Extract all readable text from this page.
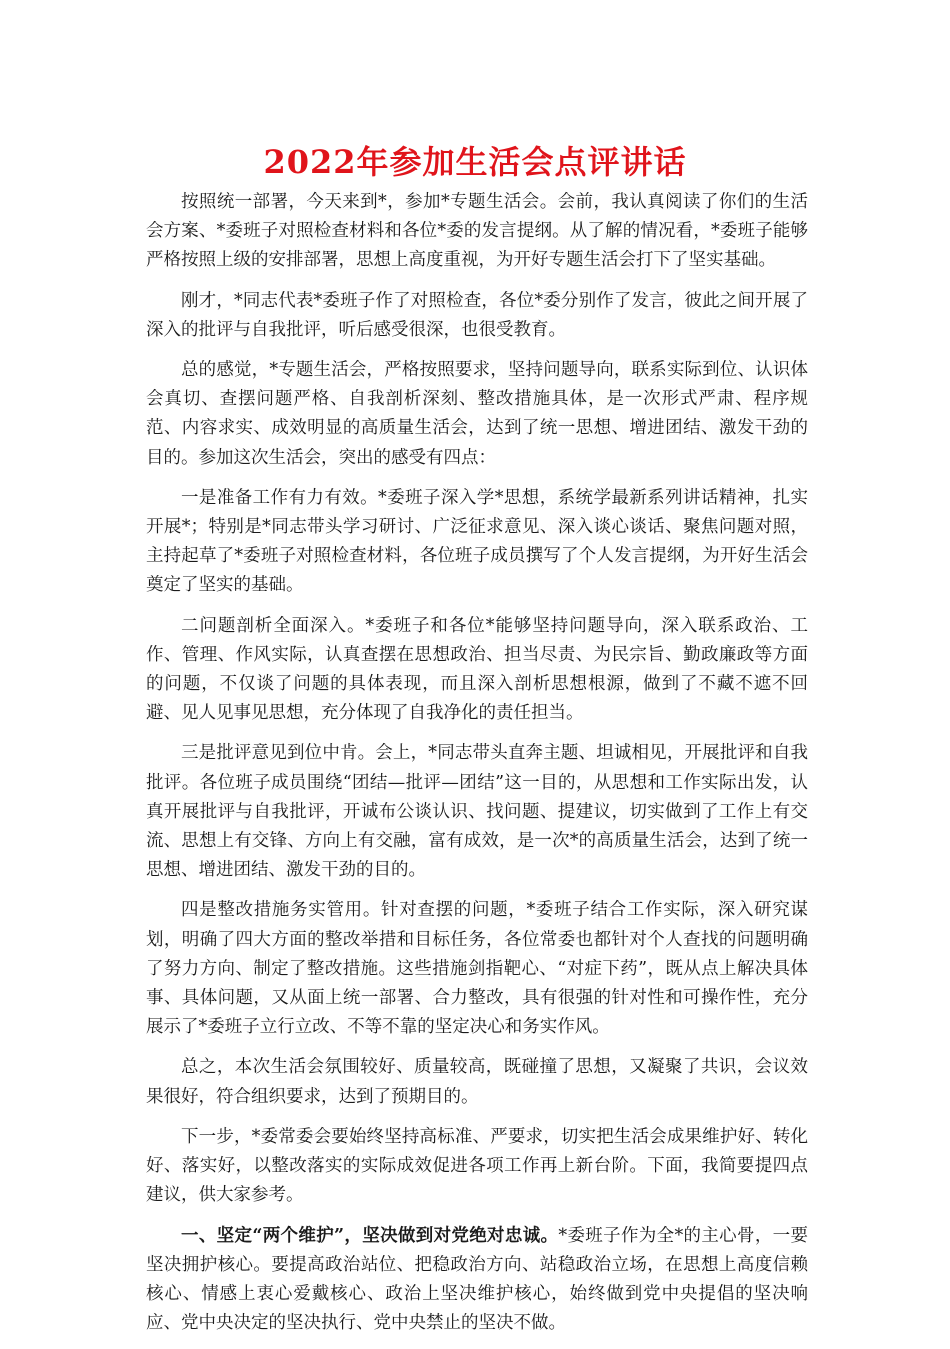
2022年参加生活会点评讲话

按照统一部署，今天来到*，参加*专题生活会。会前，我认真阅读了你们的生活会方案、*委班子对照检查材料和各位*委的发言提纲。从了解的情况看，*委班子能够严格按照上级的安排部署，思想上高度重视，为开好专题生活会打下了坚实基础。

刚才，*同志代表*委班子作了对照检查，各位*委分别作了发言，彼此之间开展了深入的批评与自我批评，听后感受很深，也很受教育。

总的感觉，*专题生活会，严格按照要求，坚持问题导向，联系实际到位、认识体会真切、查摆问题严格、自我剖析深刻、整改措施具体，是一次形式严肃、程序规范、内容求实、成效明显的高质量生活会，达到了统一思想、增进团结、激发干劲的目的。参加这次生活会，突出的感受有四点：

一是准备工作有力有效。*委班子深入学*思想，系统学最新系列讲话精神，扎实开展*；特别是*同志带头学习研讨、广泛征求意见、深入谈心谈话、聚焦问题对照，主持起草了*委班子对照检查材料，各位班子成员撰写了个人发言提纲，为开好生活会奠定了坚实的基础。

二问题剖析全面深入。*委班子和各位*能够坚持问题导向，深入联系政治、工作、管理、作风实际，认真查摆在思想政治、担当尽责、为民宗旨、勤政廉政等方面的问题，不仅谈了问题的具体表现，而且深入剖析思想根源，做到了不藏不遮不回避、见人见事见思想，充分体现了自我净化的责任担当。

三是批评意见到位中肯。会上，*同志带头直奔主题、坦诚相见，开展批评和自我批评。各位班子成员围绕“团结—批评—团结”这一目的，从思想和工作实际出发，认真开展批评与自我批评，开诚布公谈认识、找问题、提建议，切实做到了工作上有交流、思想上有交锋、方向上有交融，富有成效，是一次*的高质量生活会，达到了统一思想、增进团结、激发干劲的目的。

四是整改措施务实管用。针对查摆的问题，*委班子结合工作实际，深入研究谋划，明确了四大方面的整改举措和目标任务，各位常委也都针对个人查找的问题明确了努力方向、制定了整改措施。这些措施剑指靶心、“对症下药”，既从点上解决具体事、具体问题，又从面上统一部署、合力整改，具有很强的针对性和可操作性，充分展示了*委班子立行立改、不等不靠的坚定决心和务实作风。

总之，本次生活会氛围较好、质量较高，既碰撞了思想，又凝聚了共识，会议效果很好，符合组织要求，达到了预期目的。

下一步，*委常委会要始终坚持高标准、严要求，切实把生活会成果维护好、转化好、落实好，以整改落实的实际成效促进各项工作再上新台阶。下面，我简要提四点建议，供大家参考。

一、坚定“两个维护”，坚决做到对党绝对忠诚。*委班子作为全*的主心骨，一要坚决拥护核心。要提高政治站位、把稳政治方向、站稳政治立场，在思想上高度信赖核心、情感上衷心爱戴核心、政治上坚决维护核心，始终做到党中央提倡的坚决响应、党中央决定的坚决执行、党中央禁止的坚决不做。
